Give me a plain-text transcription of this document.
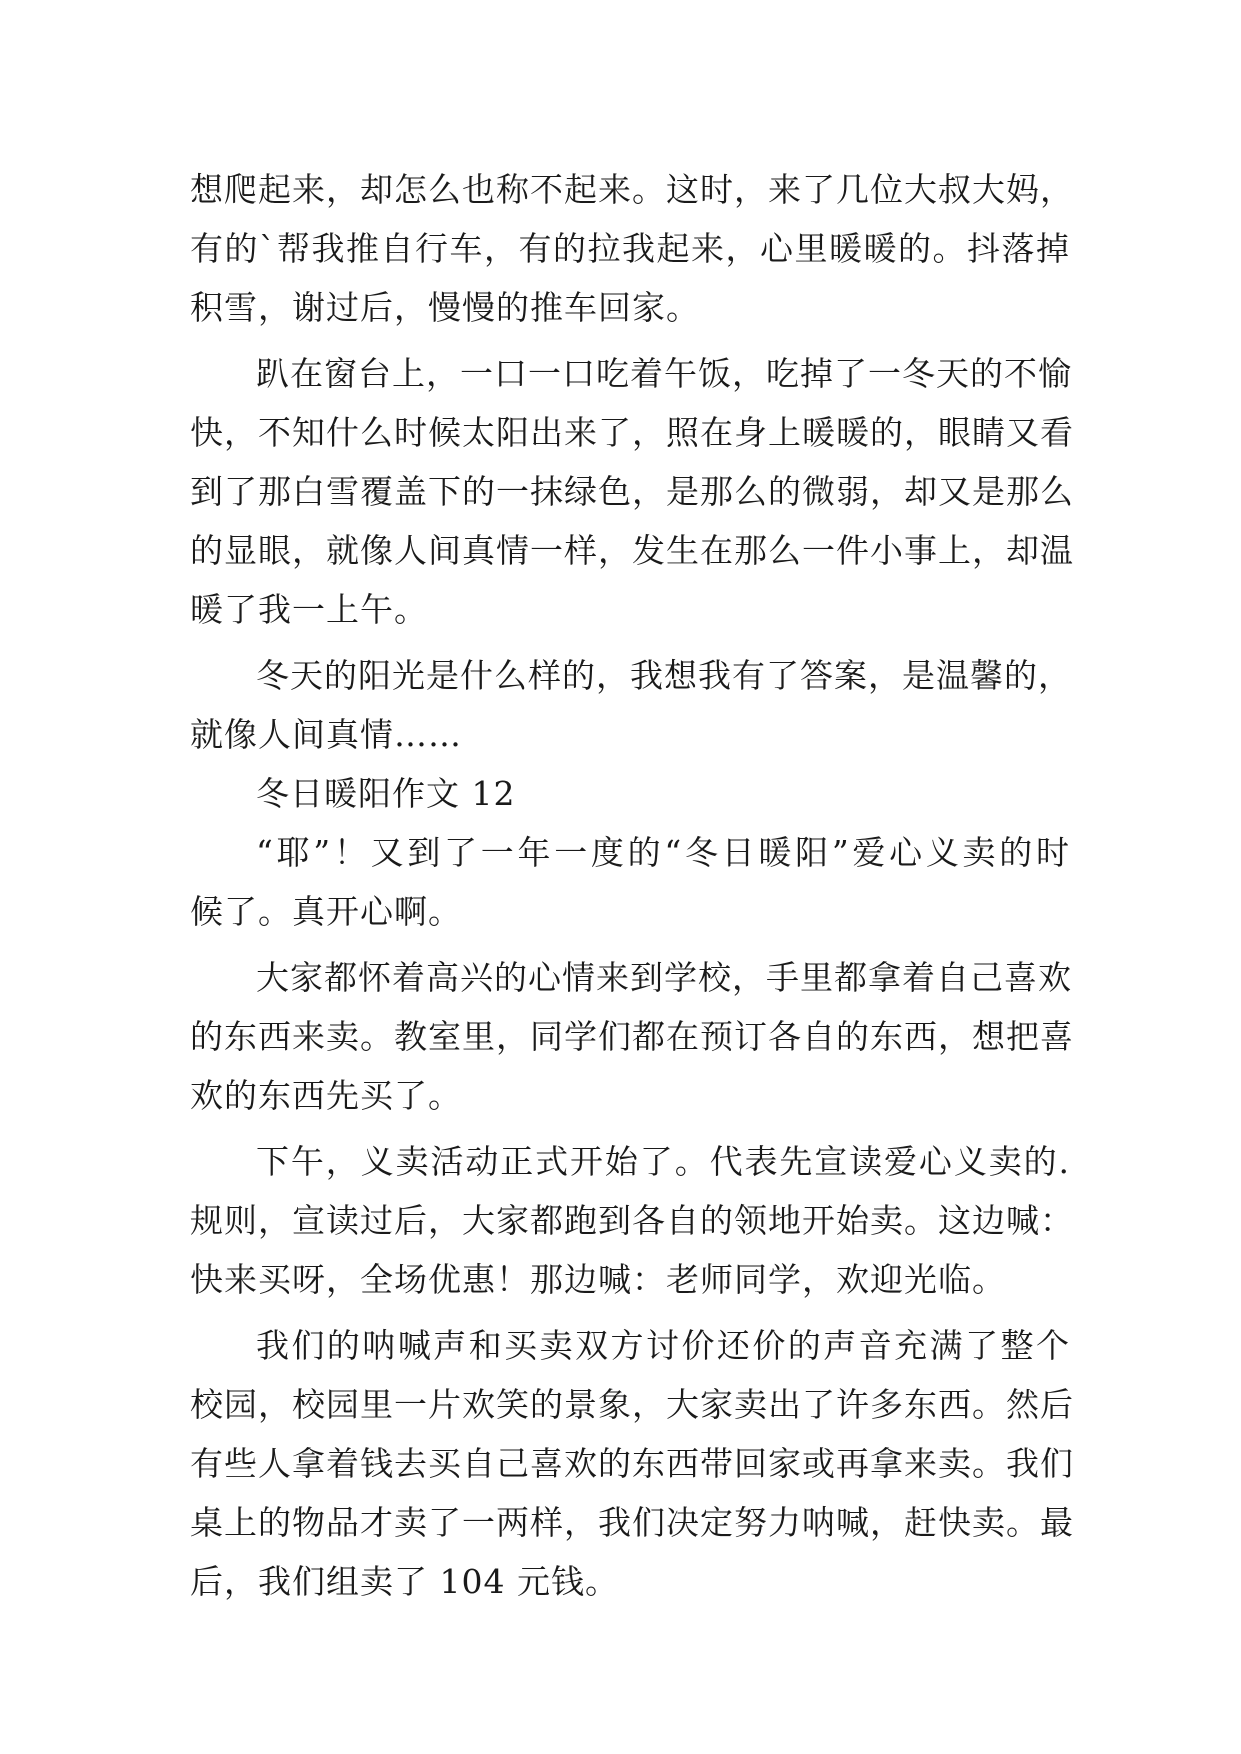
想爬起来，却怎么也称不起来。这时，来了几位大叔大妈，
有的`帮我推自行车，有的拉我起来，心里暖暖的。抖落掉
积雪，谢过后，慢慢的推车回家。
趴在窗台上，一口一口吃着午饭，吃掉了一冬天的不愉
快，不知什么时候太阳出来了，照在身上暖暖的，眼睛又看
到了那白雪覆盖下的一抹绿色，是那么的微弱，却又是那么
的显眼，就像人间真情一样，发生在那么一件小事上，却温
暖了我一上午。
冬天的阳光是什么样的，我想我有了答案，是温馨的，
就像人间真情……
冬日暖阳作文 12
“耶”！又到了一年一度的“冬日暖阳”爱心义卖的时
候了。真开心啊。
大家都怀着高兴的心情来到学校，手里都拿着自己喜欢
的东西来卖。教室里，同学们都在预订各自的东西，想把喜
欢的东西先买了。
下午，义卖活动正式开始了。代表先宣读爱心义卖的.
规则，宣读过后，大家都跑到各自的领地开始卖。这边喊：
快来买呀，全场优惠！那边喊：老师同学，欢迎光临。
我们的呐喊声和买卖双方讨价还价的声音充满了整个
校园，校园里一片欢笑的景象，大家卖出了许多东西。然后
有些人拿着钱去买自己喜欢的东西带回家或再拿来卖。我们
桌上的物品才卖了一两样，我们决定努力呐喊，赶快卖。最
后，我们组卖了 104 元钱。
